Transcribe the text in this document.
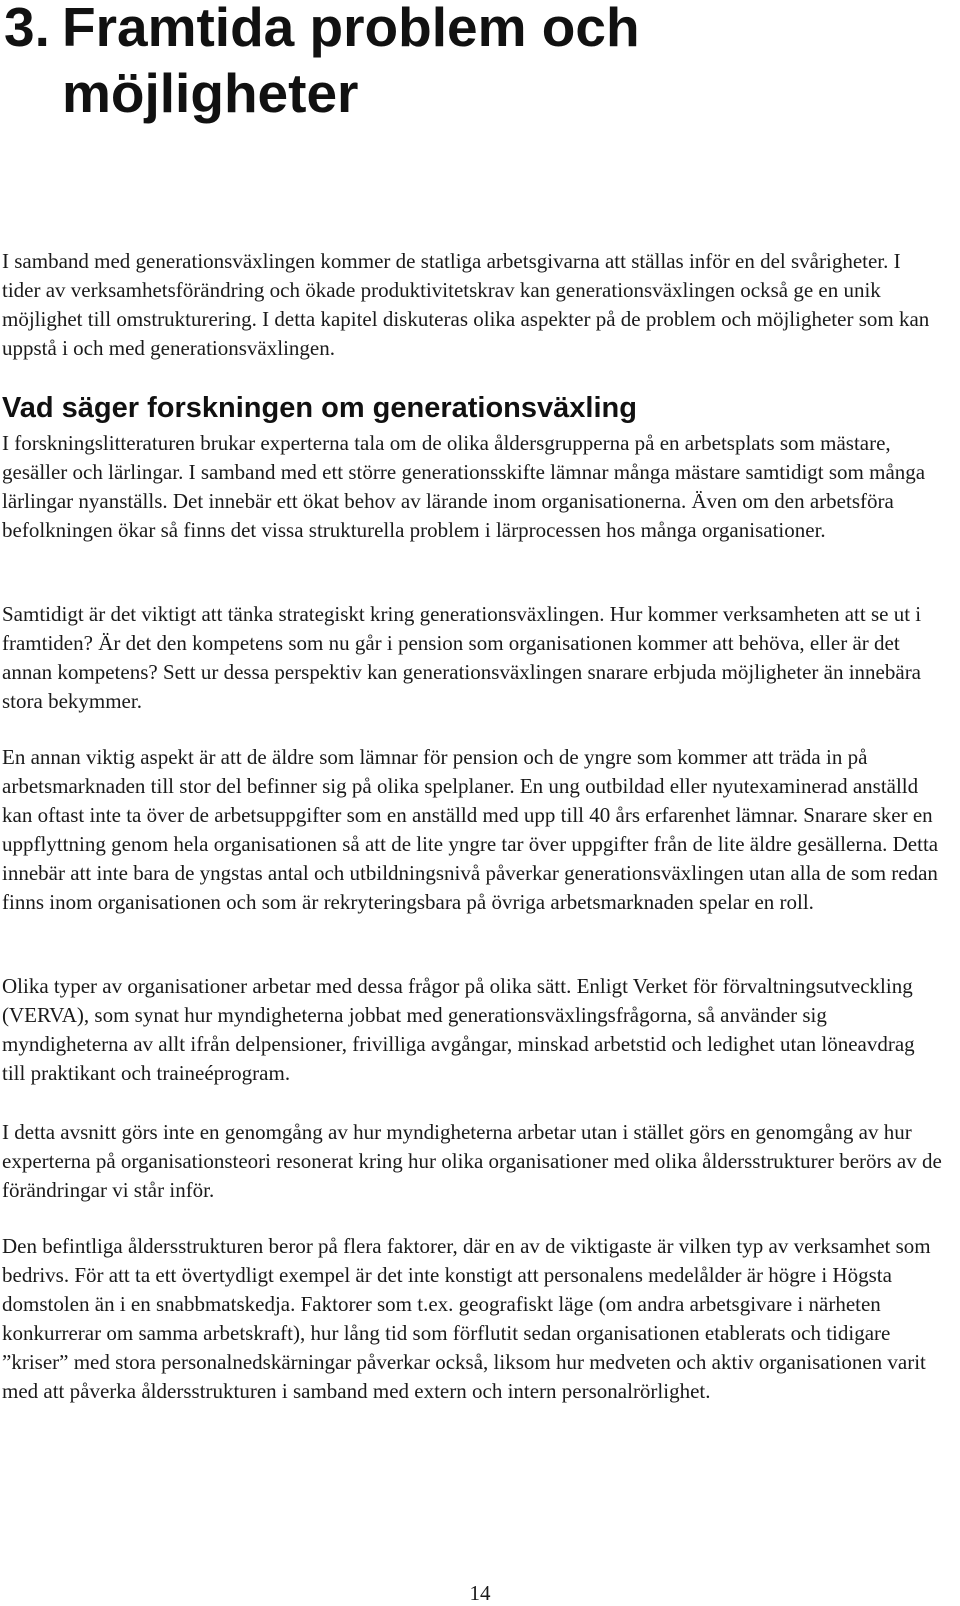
3. Framtida problem och
möjligheter

I samband med generationsväxlingen kommer de statliga arbetsgivarna att ställas inför en del svårigheter. I tider av verksamhetsförändring och ökade produktivitetskrav kan generationsväxlingen också ge en unik möjlighet till omstrukturering. I detta kapitel diskuteras olika aspekter på de problem och möjligheter som kan uppstå i och med generationsväxlingen.

Vad säger forskningen om generationsväxling

I forskningslitteraturen brukar experterna tala om de olika åldersgrupperna på en arbetsplats som mästare, gesäller och lärlingar. I samband med ett större generationsskifte lämnar många mästare samtidigt som många lärlingar nyanställs. Det innebär ett ökat behov av lärande inom organisationerna. Även om den arbetsföra befolkningen ökar så finns det vissa strukturella problem i lärprocessen hos många organisationer.

Samtidigt är det viktigt att tänka strategiskt kring generationsväxlingen. Hur kommer verksamheten att se ut i framtiden? Är det den kompetens som nu går i pension som organisationen kommer att behöva, eller är det annan kompetens? Sett ur dessa perspektiv kan generationsväxlingen snarare erbjuda möjligheter än innebära stora bekymmer.

En annan viktig aspekt är att de äldre som lämnar för pension och de yngre som kommer att träda in på arbetsmarknaden till stor del befinner sig på olika spelplaner. En ung outbildad eller nyutexaminerad anställd kan oftast inte ta över de arbetsuppgifter som en anställd med upp till 40 års erfarenhet lämnar. Snarare sker en uppflyttning genom hela organisationen så att de lite yngre tar över uppgifter från de lite äldre gesällerna. Detta innebär att inte bara de yngstas antal och utbildningsnivå påverkar generationsväxlingen utan alla de som redan finns inom organisationen och som är rekryteringsbara på övriga arbetsmarknaden spelar en roll.

Olika typer av organisationer arbetar med dessa frågor på olika sätt. Enligt Verket för förvaltningsutveckling (VERVA), som synat hur myndigheterna jobbat med generationsväxlingsfrågorna, så använder sig myndigheterna av allt ifrån delpensioner, frivilliga avgångar, minskad arbetstid och ledighet utan löneavdrag till praktikant och traineéprogram.

I detta avsnitt görs inte en genomgång av hur myndigheterna arbetar utan i stället görs en genomgång av hur experterna på organisationsteori resonerat kring hur olika organisationer med olika åldersstrukturer berörs av de förändringar vi står inför.

Den befintliga åldersstrukturen beror på flera faktorer, där en av de viktigaste är vilken typ av verksamhet som bedrivs. För att ta ett övertydligt exempel är det inte konstigt att personalens medelålder är högre i Högsta domstolen än i en snabbmatskedja. Faktorer som t.ex. geografiskt läge (om andra arbetsgivare i närheten konkurrerar om samma arbetskraft), hur lång tid som förflutit sedan organisationen etablerats och tidigare ”kriser” med stora personalnedskärningar påverkar också, liksom hur medveten och aktiv organisationen varit med att påverka åldersstrukturen i samband med extern och intern personalrörlighet.

14
